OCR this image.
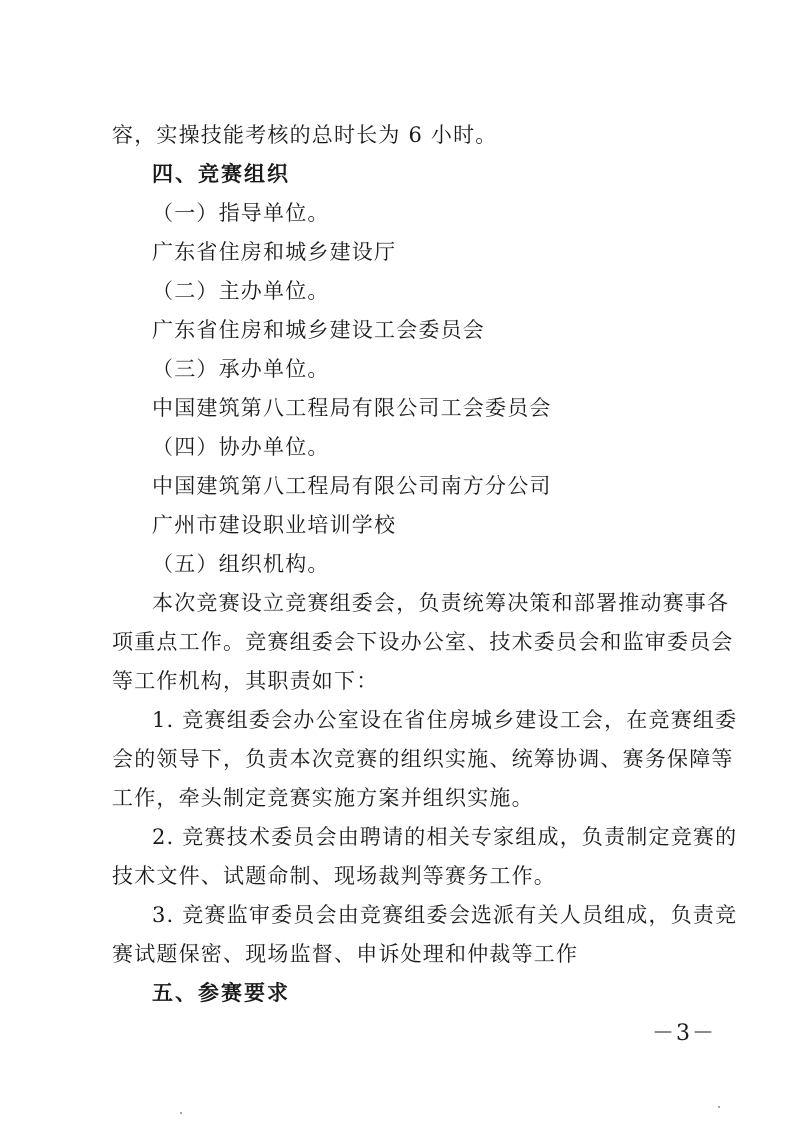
容，实操技能考核的总时长为 6 小时。
四、竞赛组织
（一）指导单位。
广东省住房和城乡建设厅
（二）主办单位。
广东省住房和城乡建设工会委员会
（三）承办单位。
中国建筑第八工程局有限公司工会委员会
（四）协办单位。
中国建筑第八工程局有限公司南方分公司
广州市建设职业培训学校
（五）组织机构。
本次竞赛设立竞赛组委会，负责统筹决策和部署推动赛事各
项重点工作。竞赛组委会下设办公室、技术委员会和监审委员会
等工作机构，其职责如下：
1. 竞赛组委会办公室设在省住房城乡建设工会，在竞赛组委
会的领导下，负责本次竞赛的组织实施、统筹协调、赛务保障等
工作，牵头制定竞赛实施方案并组织实施。
2. 竞赛技术委员会由聘请的相关专家组成，负责制定竞赛的
技术文件、试题命制、现场裁判等赛务工作。
3. 竞赛监审委员会由竞赛组委会选派有关人员组成，负责竞
赛试题保密、现场监督、申诉处理和仲裁等工作
五、参赛要求
－3－
